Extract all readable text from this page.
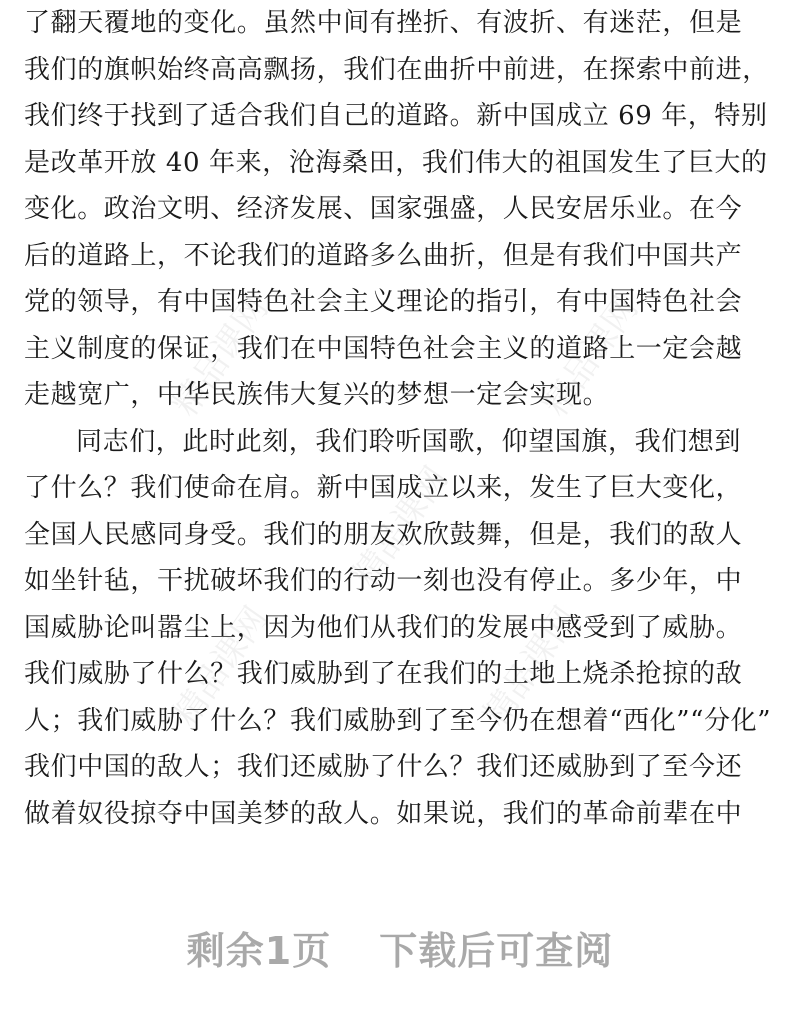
精品课网
精品课网
精品课网
精品课网
精品课网
了翻天覆地的变化。虽然中间有挫折、有波折、有迷茫，但是
我们的旗帜始终高高飘扬，我们在曲折中前进，在探索中前进，
我们终于找到了适合我们自己的道路。新中国成立 69 年，特别
是改革开放 40 年来，沧海桑田，我们伟大的祖国发生了巨大的
变化。政治文明、经济发展、国家强盛，人民安居乐业。在今
后的道路上，不论我们的道路多么曲折，但是有我们中国共产
党的领导，有中国特色社会主义理论的指引，有中国特色社会
主义制度的保证，我们在中国特色社会主义的道路上一定会越
走越宽广，中华民族伟大复兴的梦想一定会实现。
同志们，此时此刻，我们聆听国歌，仰望国旗，我们想到
了什么？我们使命在肩。新中国成立以来，发生了巨大变化，
全国人民感同身受。我们的朋友欢欣鼓舞，但是，我们的敌人
如坐针毡，干扰破坏我们的行动一刻也没有停止。多少年，中
国威胁论叫嚣尘上，因为他们从我们的发展中感受到了威胁。
我们威胁了什么？我们威胁到了在我们的土地上烧杀抢掠的敌
人；我们威胁了什么？我们威胁到了至今仍在想着“西化”“分化”
我们中国的敌人；我们还威胁了什么？我们还威胁到了至今还
做着奴役掠夺中国美梦的敌人。如果说，我们的革命前辈在中
剩余1页 下载后可查阅
